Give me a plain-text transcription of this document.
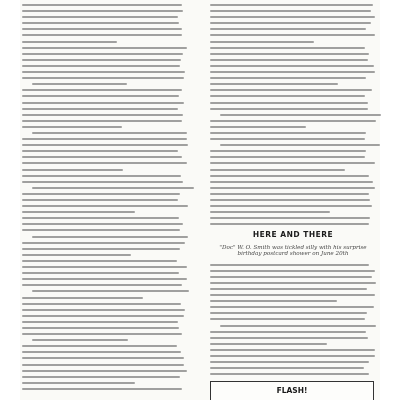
HERE AND THERE
"Doc" W. O. Smith was tickled silly with his surprise birthday postcard shower on June 20th
FLASH!
